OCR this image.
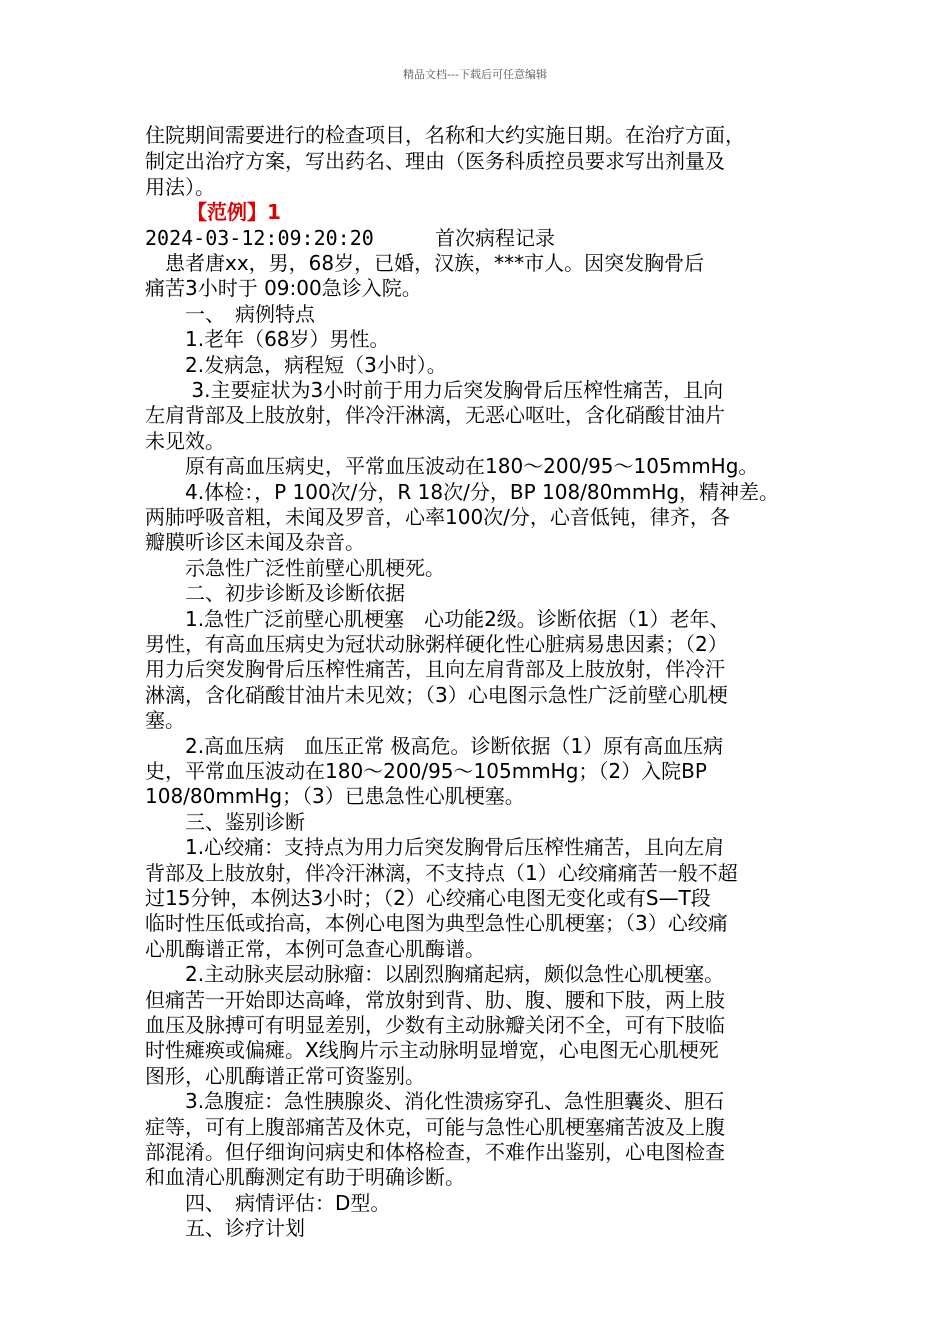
精品文档---下载后可任意编辑
住院期间需要进行的检查项目，名称和大约实施日期。在治疗方面，
制定出治疗方案，写出药名、理由（医务科质控员要求写出剂量及
用法）。
【范例】1
2024-03-12:09:20:20	首次病程记录
　患者唐xx，男，68岁，已婚，汉族，***市人。因突发胸骨后
痛苦3小时于 09:00急诊入院。
　　一、　病例特点
　　1.老年（68岁）男性。
　　2.发病急，病程短（3小时）。
　　 3.主要症状为3小时前于用力后突发胸骨后压榨性痛苦，且向
左肩背部及上肢放射，伴冷汗淋漓，无恶心呕吐，含化硝酸甘油片
未见效。
　　原有高血压病史，平常血压波动在180～200/95～105mmHg。
　　4.体检：，P 100次/分，R 18次/分，BP 108/80mmHg，精神差。
两肺呼吸音粗，未闻及罗音，心率100次/分，心音低钝，律齐，各
瓣膜听诊区未闻及杂音。
　　示急性广泛性前壁心肌梗死。
　　二、初步诊断及诊断依据
　　1.急性广泛前壁心肌梗塞　心功能2级。诊断依据（1）老年、
男性，有高血压病史为冠状动脉粥样硬化性心脏病易患因素；（2）
用力后突发胸骨后压榨性痛苦，且向左肩背部及上肢放射，伴冷汗
淋漓，含化硝酸甘油片未见效；（3）心电图示急性广泛前壁心肌梗
塞。
　　2.高血压病　血压正常 极高危。诊断依据（1）原有高血压病
史，平常血压波动在180～200/95～105mmHg；（2）入院BP
108/80mmHg；（3）已患急性心肌梗塞。
　　三、鉴别诊断
　　1.心绞痛：支持点为用力后突发胸骨后压榨性痛苦，且向左肩
背部及上肢放射，伴冷汗淋漓，不支持点（1）心绞痛痛苦一般不超
过15分钟，本例达3小时；（2）心绞痛心电图无变化或有S—T段
临时性压低或抬高，本例心电图为典型急性心肌梗塞；（3）心绞痛
心肌酶谱正常，本例可急查心肌酶谱。
　　2.主动脉夹层动脉瘤：以剧烈胸痛起病，颇似急性心肌梗塞。
但痛苦一开始即达高峰，常放射到背、肋、腹、腰和下肢，两上肢
血压及脉搏可有明显差别，少数有主动脉瓣关闭不全，可有下肢临
时性瘫痪或偏瘫。X线胸片示主动脉明显增宽，心电图无心肌梗死
图形，心肌酶谱正常可资鉴别。
　　3.急腹症：急性胰腺炎、消化性溃疡穿孔、急性胆囊炎、胆石
症等，可有上腹部痛苦及休克，可能与急性心肌梗塞痛苦波及上腹
部混淆。但仔细询问病史和体格检查，不难作出鉴别，心电图检查
和血清心肌酶测定有助于明确诊断。
　　四、　病情评估：D型。
　　五、诊疗计划
